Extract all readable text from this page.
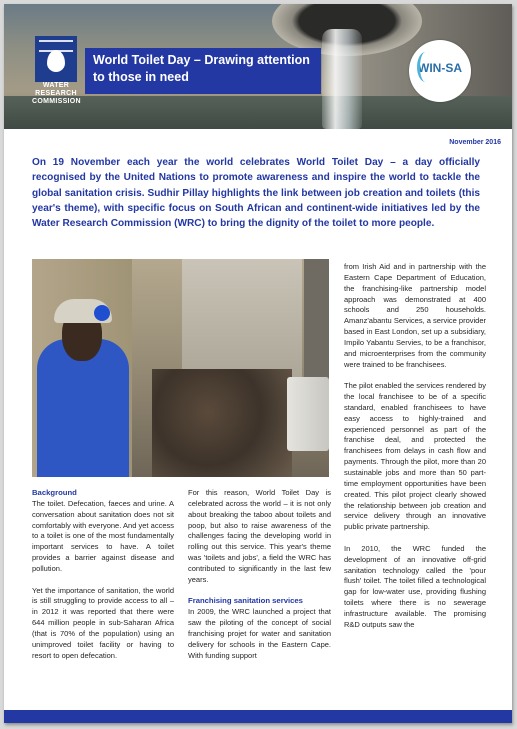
WATER
RESEARCH
COMMISSION
World Toilet Day – Drawing attention to those in need
WIN-SA
November 2016
On 19 November each year the world celebrates World Toilet Day – a day officially recognised by the United Nations to promote awareness and inspire the world to tackle the global sanitation crisis. Sudhir Pillay highlights the link between job creation and toilets (this year's theme), with specific focus on South African and continent-wide initiatives led by the Water Research Commission (WRC) to bring the dignity of the toilet to more people.
Background

The toilet. Defecation, faeces and urine. A conversation about sanitation does not sit comfortably with everyone. And yet access to a toilet is one of the most fundamentally important services to have. A toilet provides a barrier against disease and pollution.

Yet the importance of sanitation, the world is still struggling to provide access to all – in 2012 it was reported that there were 644 million people in sub-Saharan Africa (that is 70% of the population) using an unimproved toilet facility or having to resort to open defecation.

For this reason, World Toilet Day is celebrated across the world – it is not only about breaking the taboo about toilets and poop, but also to raise awareness of the challenges facing the developing world in rolling out this service. This year's theme was 'toilets and jobs', a field the WRC has contributed to significantly in the last few years.

Franchising sanitation services

In 2009, the WRC launched a project that saw the piloting of the concept of social franchising projet for water and sanitation delivery for schools in the Eastern Cape. With funding support

from Irish Aid and in partnership with the Eastern Cape Department of Education, the franchising-like partnership model approach was demonstrated at 400 schools and 250 households. Amanz'abantu Services, a service provider based in East London, set up a subsidiary, Impilo Yabantu Servies, to be a franchisor, and microenterprises from the community were trained to be franchisees.

The pilot enabled the services rendered by the local franchisee to be of a specific standard, enabled franchisees to have easy access to highly-trained and experienced personnel as part of the franchise deal, and protected the franchisees from delays in cash flow and payments. Through the pilot, more than 20 sustainable jobs and more than 50 part-time employment opportunities have been created. This pilot project clearly showed the relationship between job creation and service delivery through an innovative public private partnership.

In 2010, the WRC funded the development of an innovative off-grid sanitation technology called the 'pour flush' toilet. The toilet filled a technological gap for low-water use, providing flushing toilets where there is no sewerage infrastructure available. The promising R&D outputs saw the
